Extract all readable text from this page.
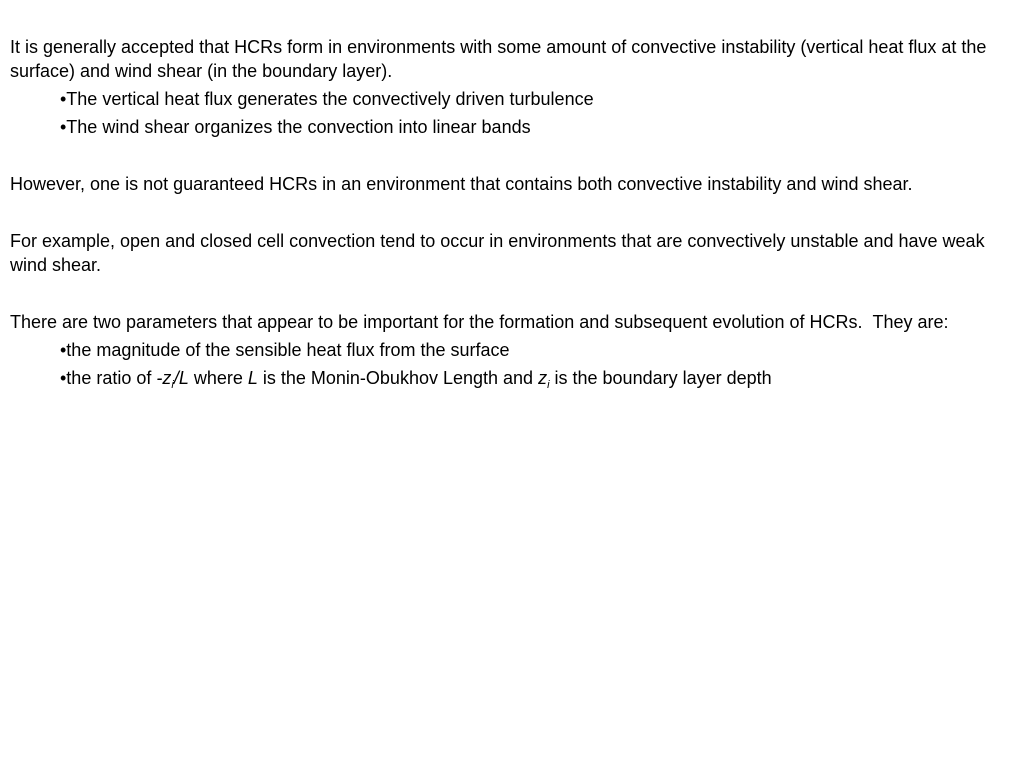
It is generally accepted that HCRs form in environments with some amount of convective instability (vertical heat flux at the surface) and wind shear (in the boundary layer).

•The vertical heat flux generates the convectively driven turbulence
•The wind shear organizes the convection into linear bands

However, one is not guaranteed HCRs in an environment that contains both convective instability and wind shear.

For example, open and closed cell convection tend to occur in environments that are convectively unstable and have weak wind shear.

There are two parameters that appear to be important for the formation and subsequent evolution of HCRs.  They are:

•the magnitude of the sensible heat flux from the surface
•the ratio of $-z_i/L$ where L is the Monin-Obukhov Length and $z_i$ is the boundary layer depth
